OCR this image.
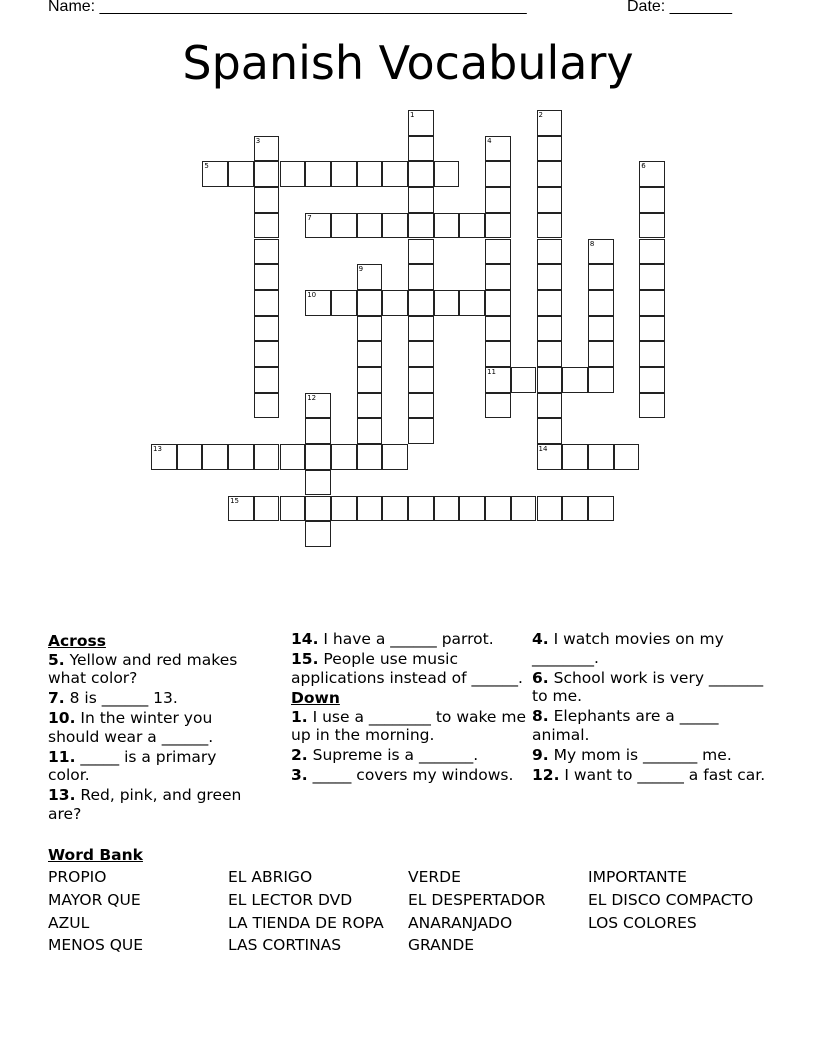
Name: ________________________________________________	Date: _______
Spanish Vocabulary
1	2
14
3	4
11
5	6
7
8
9
10
12
13
15
Across
5. Yellow and red makes what color?
7. 8 is ______ 13.
10. In the winter you should wear a ______.
11. _____ is a primary color.
13. Red, pink, and green are?
14. I have a ______ parrot.
15. People use music applications instead of ______.
Down
1. I use a ________ to wake me up in the morning.
2. Supreme is a _______.
3. _____ covers my windows.
4. I watch movies on my ________.
6. School work is very _______ to me.
8. Elephants are a _____ animal.
9. My mom is _______ me.
12. I want to ______ a fast car.
Word Bank
PROPIO
MAYOR QUE
AZUL
MENOS QUE
EL ABRIGO
EL LECTOR DVD
LA TIENDA DE ROPA
LAS CORTINAS
VERDE
EL DESPERTADOR
ANARANJADO
GRANDE
IMPORTANTE
EL DISCO COMPACTO
LOS COLORES
